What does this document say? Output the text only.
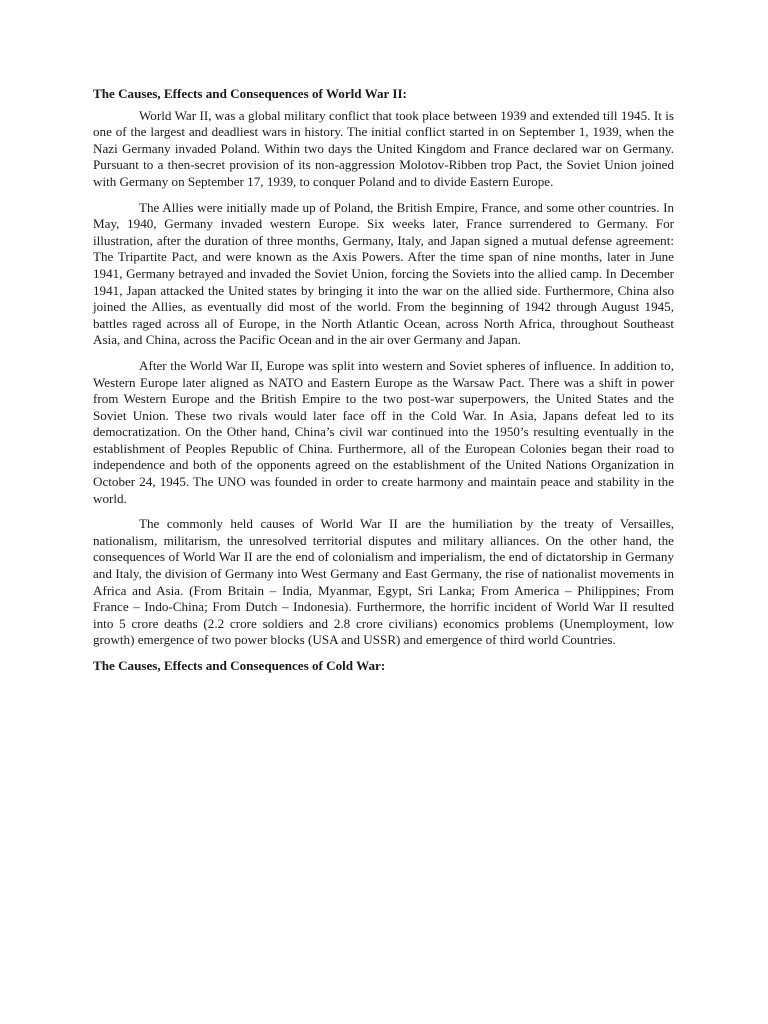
The Causes, Effects and Consequences of World War II:

World War II, was a global military conflict that took place between 1939 and extended till 1945. It is one of the largest and deadliest wars in history. The initial conflict started in on September 1, 1939, when the Nazi Germany invaded Poland. Within two days the United Kingdom and France declared war on Germany. Pursuant to a then-secret provision of its non-aggression Molotov-Ribben trop Pact, the Soviet Union joined with Germany on September 17, 1939, to conquer Poland and to divide Eastern Europe.

The Allies were initially made up of Poland, the British Empire, France, and some other countries. In May, 1940, Germany invaded western Europe. Six weeks later, France surrendered to Germany. For illustration, after the duration of three months, Germany, Italy, and Japan signed a mutual defense agreement: The Tripartite Pact, and were known as the Axis Powers. After the time span of nine months, later in June 1941, Germany betrayed and invaded the Soviet Union, forcing the Soviets into the allied camp. In December 1941, Japan attacked the United states by bringing it into the war on the allied side. Furthermore, China also joined the Allies, as eventually did most of the world. From the beginning of 1942 through August 1945, battles raged across all of Europe, in the North Atlantic Ocean, across North Africa, throughout Southeast Asia, and China, across the Pacific Ocean and in the air over Germany and Japan.

After the World War II, Europe was split into western and Soviet spheres of influence. In addition to, Western Europe later aligned as NATO and Eastern Europe as the Warsaw Pact. There was a shift in power from Western Europe and the British Empire to the two post-war superpowers, the United States and the Soviet Union. These two rivals would later face off in the Cold War. In Asia, Japans defeat led to its democratization. On the Other hand, China’s civil war continued into the 1950’s resulting eventually in the establishment of Peoples Republic of China. Furthermore, all of the European Colonies began their road to independence and both of the opponents agreed on the establishment of the United Nations Organization in October 24, 1945. The UNO was founded in order to create harmony and maintain peace and stability in the world.

The commonly held causes of World War II are the humiliation by the treaty of Versailles, nationalism, militarism, the unresolved territorial disputes and military alliances. On the other hand, the consequences of World War II are the end of colonialism and imperialism, the end of dictatorship in Germany and Italy, the division of Germany into West Germany and East Germany, the rise of nationalist movements in Africa and Asia. (From Britain – India, Myanmar, Egypt, Sri Lanka; From America – Philippines; From France – Indo-China; From Dutch – Indonesia). Furthermore, the horrific incident of World War II resulted into 5 crore deaths (2.2 crore soldiers and 2.8 crore civilians) economics problems (Unemployment, low growth) emergence of two power blocks (USA and USSR) and emergence of third world Countries.

The Causes, Effects and Consequences of Cold War:
